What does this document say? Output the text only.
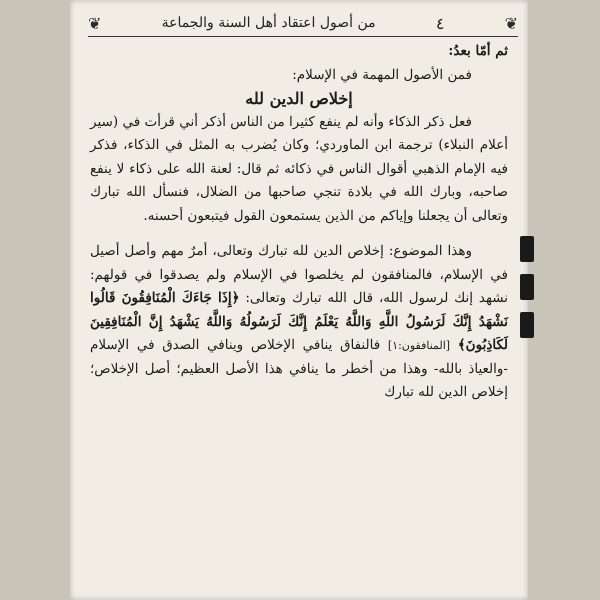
❦	من أصول اعتقاد أهل السنة والجماعة	٤	❦

ثم أمّا بعدُ:

فمن الأصول المهمة في الإسلام:

إخلاص الدين لله

فعل ذكر الذكاء وأنه لم ينفع كثيرا من الناس أذكر أني قرأت في (سير أعلام النبلاء) ترجمة ابن الماوردي؛ وكان يُضرب به المثل في الذكاء، فذكر فيه الإمام الذهبي أقوال الناس في ذكائه ثم قال: لعنة الله على ذكاء لا ينفع صاحبه، وبارك الله في بلادة تنجي صاحبها من الضلال، فنسأل الله تبارك وتعالى أن يجعلنا وإياكم من الذين يستمعون القول فيتبعون أحسنه.

وهذا الموضوع: إخلاص الدين لله تبارك وتعالى، أمرٌ مهم وأصل أصيل في الإسلام، فالمنافقون لم يخلصوا في الإسلام ولم يصدقوا في قولهم: نشهد إنك لرسول الله، قال الله تبارك وتعالى: ﴿إِذَا جَاءَكَ الْمُنَافِقُونَ قَالُوا نَشْهَدُ إِنَّكَ لَرَسُولُ اللَّهِ وَاللَّهُ يَعْلَمُ إِنَّكَ لَرَسُولُهُ وَاللَّهُ يَشْهَدُ إِنَّ الْمُنَافِقِينَ لَكَاذِبُونَ﴾ [المنافقون:١] فالنفاق ينافي الإخلاص وينافي الصدق في الإسلام -والعياذ بالله- وهذا من أخطر ما ينافي هذا الأصل العظيم؛ أصل الإخلاص؛ إخلاص الدين لله تبارك
